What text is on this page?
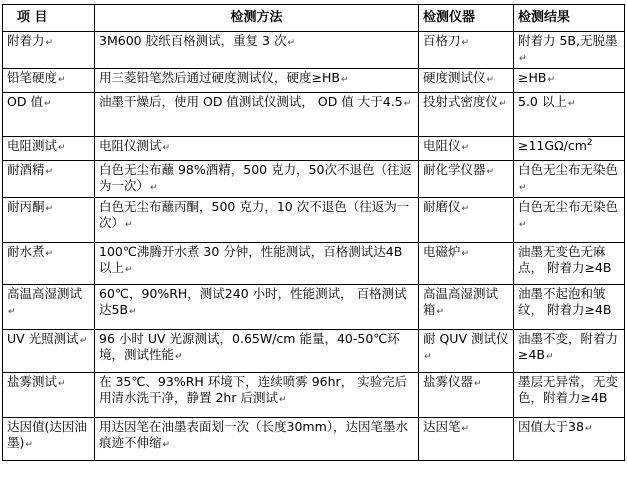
项 目	检测方法	检测仪器	检测结果
附着力↵	3M600 胶纸百格测试，重复 3 次↵	百格刀↵	附着力 5B,无脱墨↵
铅笔硬度↵	用三菱铅笔然后通过硬度测试仪，硬度≥HB↵	硬度测试仪↵	≥HB↵
OD 值↵	油墨干燥后，使用 OD 值测试仪测试， OD 值 大于4.5↵	投射式密度仪↵	5.0 以上↵
电阻测试↵	电阻仪测试↵	电阻仪↵	$\ge 11G\Omega/cm^2$
耐酒精↵	白色无尘布蘸 98%酒精，500 克力，50次不退色（往返为一次）↵	耐化学仪器↵	白色无尘布无染色↵
耐丙酮↵	白色无尘布蘸丙酮，500 克力，10 次不退色（往返为一次）↵	耐磨仪↵	白色无尘布无染色↵
耐水煮↵	100℃沸腾开水煮 30 分钟，性能测试，百格测试达4B 以上↵	电磁炉↵	油墨无变色无麻点， 附着力≥4B
高温高湿测试↵	60℃，90%RH，测试240 小时，性能测试， 百格测试达5B↵	高温高湿测试箱↵	油墨不起泡和皱纹， 附着力≥4B
UV 光照测试↵	96 小时 UV 光源测试，0.65W/cm 能量，40-50℃环境，测试性能↵	耐 QUV 测试仪↵	油墨不变，附着力 ≥4B↵
盐雾测试↵	在 35℃、93%RH 环境下，连续喷雾 96hr， 实验完后用清水洗干净，静置 2hr 后测试↵	盐雾仪器↵	墨层无异常，无变色，附着力≥4B
达因值(达因油墨)↵	用达因笔在油墨表面划一次（长度30mm），达因笔墨水痕迹不伸缩↵	达因笔↵	因值大于38↵
